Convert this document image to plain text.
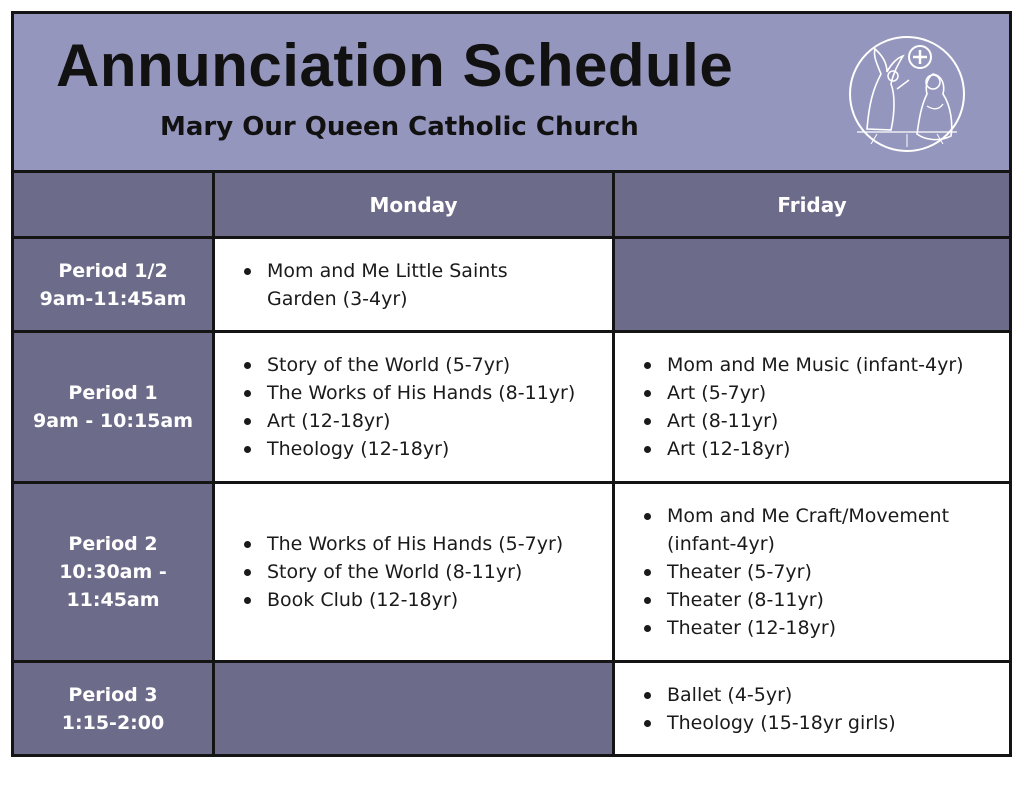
Annunciation Schedule
Mary Our Queen Catholic Church
Monday	Friday
Period 1/2
9am-11:45am
Mom and Me Little Saints
Garden (3-4yr)
Period 1
9am - 10:15am
Story of the World (5-7yr)
The Works of His Hands (8-11yr)
Art (12-18yr)
Theology (12-18yr)
Mom and Me Music (infant-4yr)
Art (5-7yr)
Art (8-11yr)
Art (12-18yr)
Period 2
10:30am -
11:45am
The Works of His Hands (5-7yr)
Story of the World (8-11yr)
Book Club (12-18yr)
Mom and Me Craft/Movement
(infant-4yr)
Theater (5-7yr)
Theater (8-11yr)
Theater (12-18yr)
Period 3
1:15-2:00
Ballet (4-5yr)
Theology (15-18yr girls)
